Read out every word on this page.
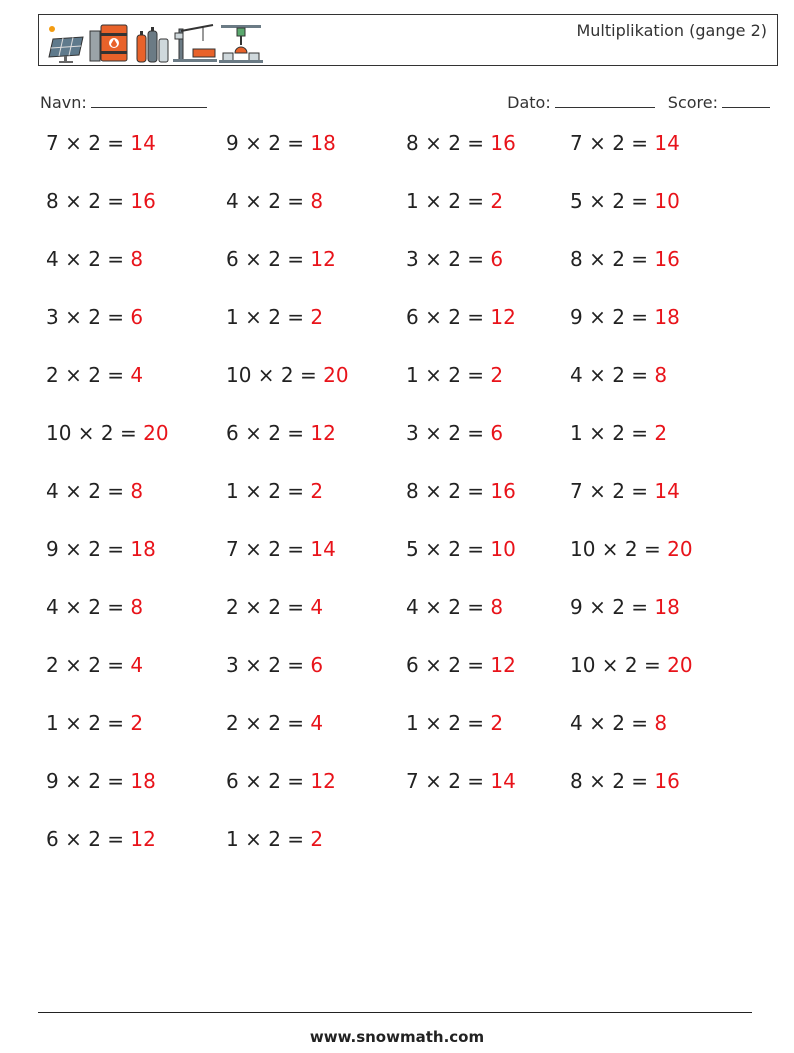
Multiplikation (gange 2)
Navn:	Dato:	Score:
7 × 2 = 14
8 × 2 = 16
4 × 2 = 8
3 × 2 = 6
2 × 2 = 4
10 × 2 = 20
4 × 2 = 8
9 × 2 = 18
4 × 2 = 8
2 × 2 = 4
1 × 2 = 2
9 × 2 = 18
6 × 2 = 12
9 × 2 = 18
4 × 2 = 8
6 × 2 = 12
1 × 2 = 2
10 × 2 = 20
6 × 2 = 12
1 × 2 = 2
7 × 2 = 14
2 × 2 = 4
3 × 2 = 6
2 × 2 = 4
6 × 2 = 12
1 × 2 = 2
8 × 2 = 16
1 × 2 = 2
3 × 2 = 6
6 × 2 = 12
1 × 2 = 2
3 × 2 = 6
8 × 2 = 16
5 × 2 = 10
4 × 2 = 8
6 × 2 = 12
1 × 2 = 2
7 × 2 = 14
7 × 2 = 14
5 × 2 = 10
8 × 2 = 16
9 × 2 = 18
4 × 2 = 8
1 × 2 = 2
7 × 2 = 14
10 × 2 = 20
9 × 2 = 18
10 × 2 = 20
4 × 2 = 8
8 × 2 = 16
www.snowmath.com
